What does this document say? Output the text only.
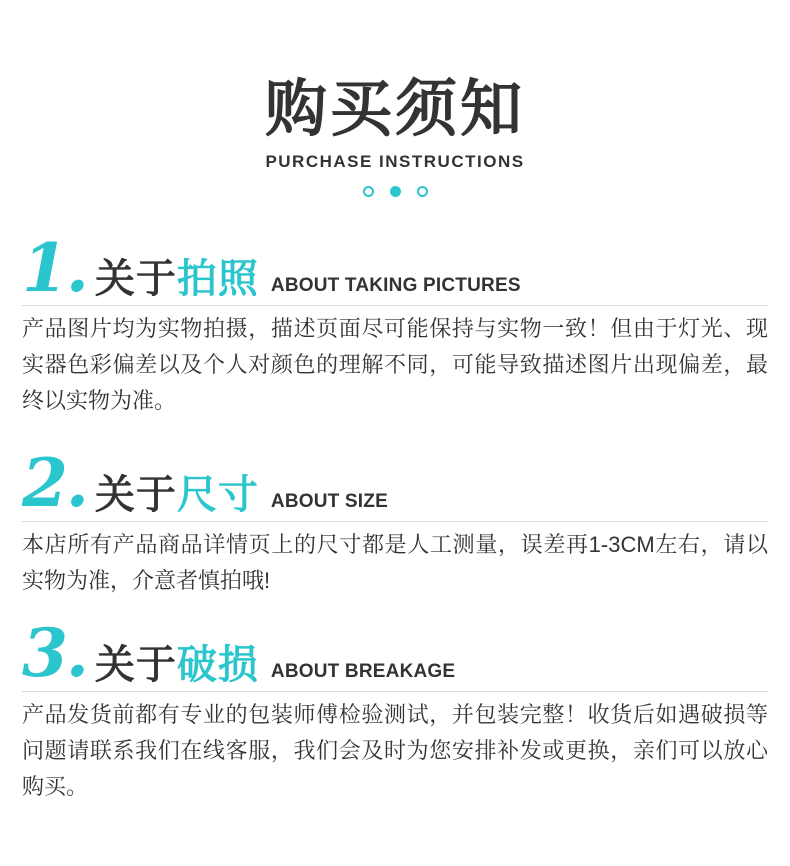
购买须知
PURCHASE INSTRUCTIONS
1. 关于拍照 ABOUT TAKING PICTURES

产品图片均为实物拍摄，描述页面尽可能保持与实物一致！但由于灯光、现实器色彩偏差以及个人对颜色的理解不同，可能导致描述图片出现偏差，最终以实物为准。

2. 关于尺寸 ABOUT SIZE

本店所有产品商品详情页上的尺寸都是人工测量，误差再1-3CM左右，请以实物为准，介意者慎拍哦!

3. 关于破损 ABOUT BREAKAGE

产品发货前都有专业的包装师傅检验测试，并包装完整！收货后如遇破损等问题请联系我们在线客服，我们会及时为您安排补发或更换，亲们可以放心购买。
